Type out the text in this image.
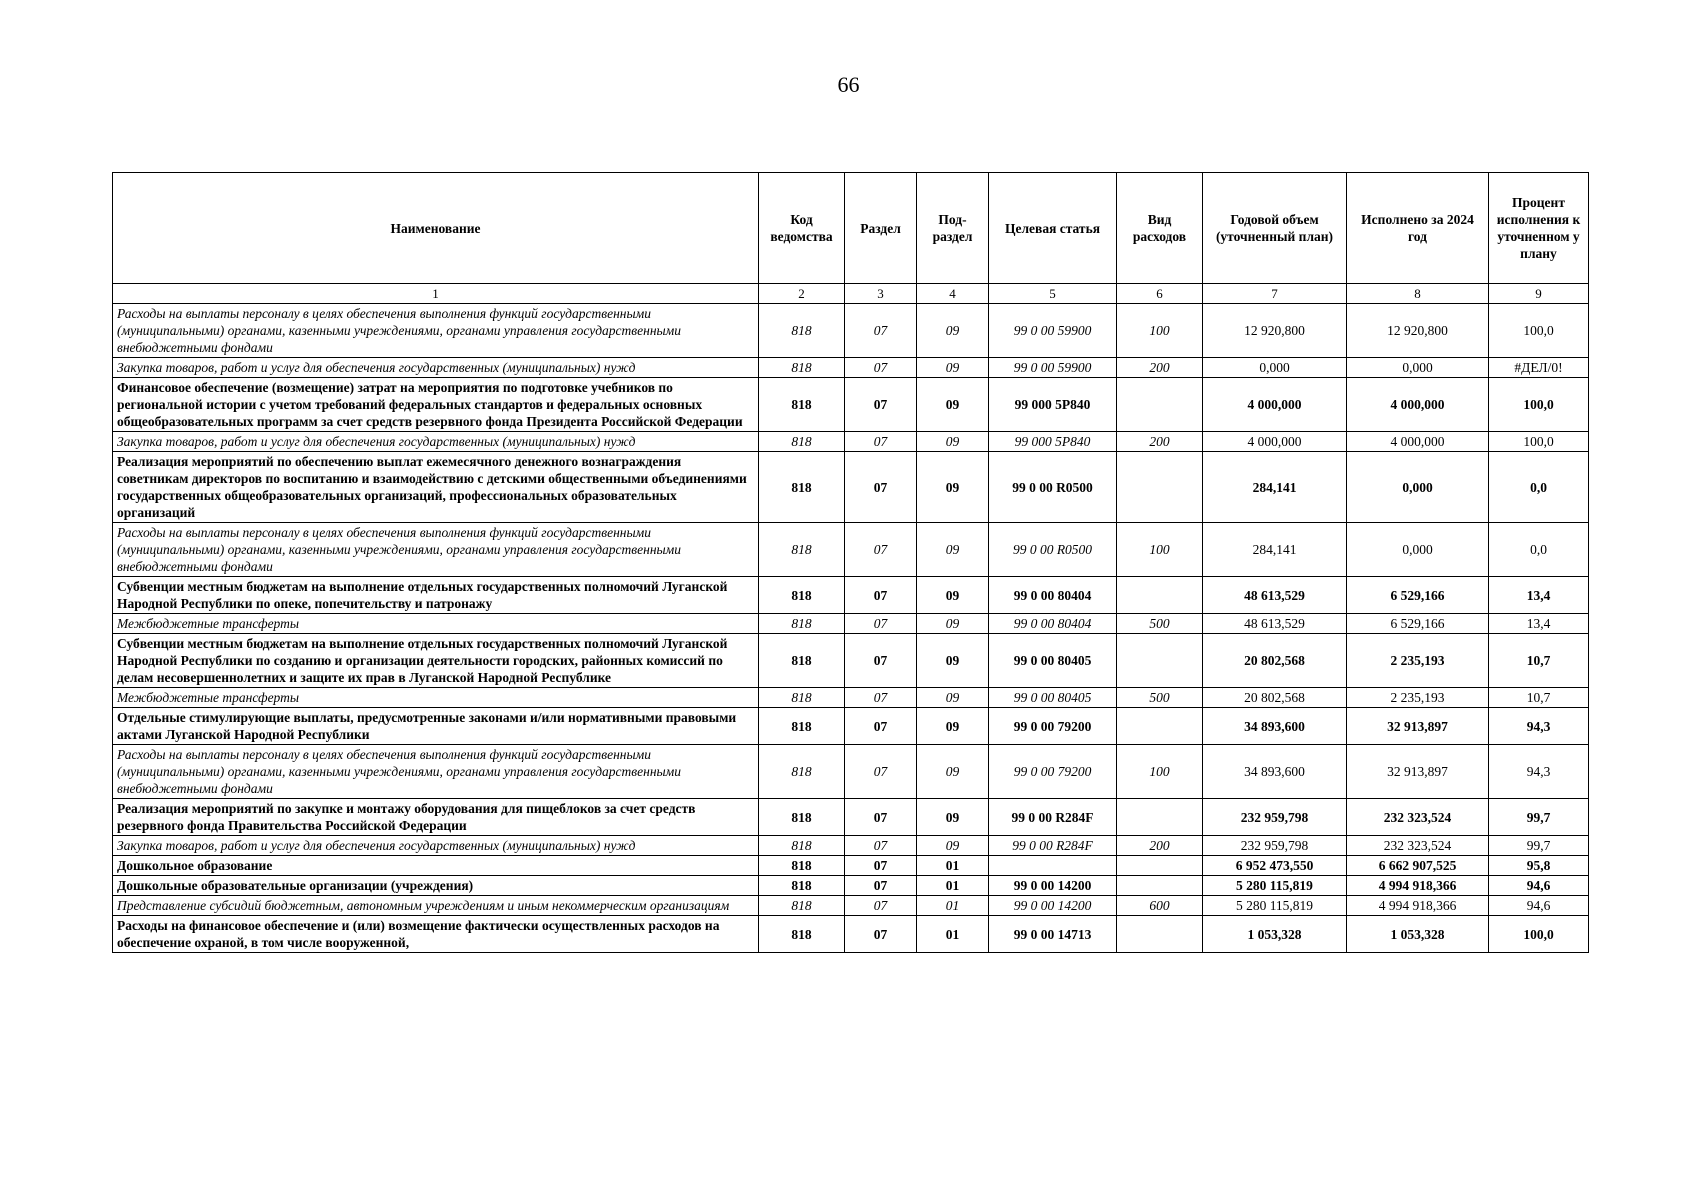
66
Наименование	Код ведомства	Раздел	Под-раздел	Целевая статья	Вид расходов	Годовой объем (уточненный план)	Исполнено за 2024 год	Процент исполнения к уточненном у плану
1	2	3	4	5	6	7	8	9
Расходы на выплаты персоналу в целях обеспечения выполнения функций государственными (муниципальными) органами, казенными учреждениями, органами управления государственными внебюджетными фондами	818	07	09	99 0 00 59900	100	12 920,800	12 920,800	100,0
Закупка товаров, работ и услуг для обеспечения государственных (муниципальных) нужд	818	07	09	99 0 00 59900	200	0,000	0,000	#ДЕЛ/0!
Финансовое обеспечение (возмещение) затрат на мероприятия по подготовке учебников по региональной истории с учетом требований федеральных стандартов и федеральных основных общеобразовательных программ за счет средств резервного фонда Президента Российской Федерации	818	07	09	99 000 5Р840		4 000,000	4 000,000	100,0
Закупка товаров, работ и услуг для обеспечения государственных (муниципальных) нужд	818	07	09	99 000 5Р840	200	4 000,000	4 000,000	100,0
Реализация мероприятий по обеспечению выплат ежемесячного денежного вознаграждения советникам директоров по воспитанию и взаимодействию с детскими общественными объединениями государственных общеобразовательных организаций, профессиональных образовательных организаций	818	07	09	99 0 00 R0500		284,141	0,000	0,0
Расходы на выплаты персоналу в целях обеспечения выполнения функций государственными (муниципальными) органами, казенными учреждениями, органами управления государственными внебюджетными фондами	818	07	09	99 0 00 R0500	100	284,141	0,000	0,0
Субвенции местным бюджетам на выполнение отдельных государственных полномочий Луганской Народной Республики по опеке, попечительству и патронажу	818	07	09	99 0 00 80404		48 613,529	6 529,166	13,4
Межбюджетные трансферты	818	07	09	99 0 00 80404	500	48 613,529	6 529,166	13,4
Субвенции местным бюджетам на выполнение отдельных государственных полномочий Луганской Народной Республики по созданию и организации деятельности городских, районных комиссий по делам несовершеннолетних и защите их прав в Луганской Народной Республике	818	07	09	99 0 00 80405		20 802,568	2 235,193	10,7
Межбюджетные трансферты	818	07	09	99 0 00 80405	500	20 802,568	2 235,193	10,7
Отдельные стимулирующие выплаты, предусмотренные законами и/или нормативными правовыми актами Луганской Народной Республики	818	07	09	99 0 00 79200		34 893,600	32 913,897	94,3
Расходы на выплаты персоналу в целях обеспечения выполнения функций государственными (муниципальными) органами, казенными учреждениями, органами управления государственными внебюджетными фондами	818	07	09	99 0 00 79200	100	34 893,600	32 913,897	94,3
Реализация мероприятий по закупке и монтажу оборудования для пищеблоков за счет средств резервного фонда Правительства Российской Федерации	818	07	09	99 0 00 R284F		232 959,798	232 323,524	99,7
Закупка товаров, работ и услуг для обеспечения государственных (муниципальных) нужд	818	07	09	99 0 00 R284F	200	232 959,798	232 323,524	99,7
Дошкольное образование	818	07	01			6 952 473,550	6 662 907,525	95,8
Дошкольные образовательные организации (учреждения)	818	07	01	99 0 00 14200		5 280 115,819	4 994 918,366	94,6
Представление субсидий бюджетным, автономным учреждениям и иным некоммерческим организациям	818	07	01	99 0 00 14200	600	5 280 115,819	4 994 918,366	94,6
Расходы на финансовое обеспечение и (или) возмещение фактически осуществленных расходов на обеспечение охраной, в том числе вооруженной,	818	07	01	99 0 00 14713		1 053,328	1 053,328	100,0
